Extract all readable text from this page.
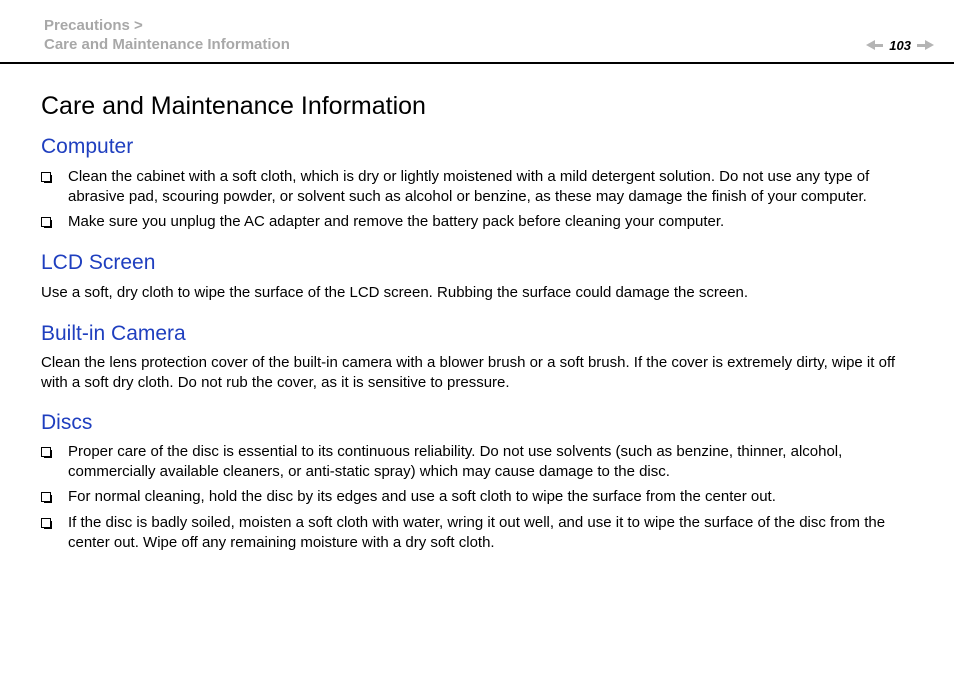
Precautions >
Care and Maintenance Information	103
Care and Maintenance Information
Computer
Clean the cabinet with a soft cloth, which is dry or lightly moistened with a mild detergent solution. Do not use any type of abrasive pad, scouring powder, or solvent such as alcohol or benzine, as these may damage the finish of your computer.
Make sure you unplug the AC adapter and remove the battery pack before cleaning your computer.
LCD Screen

Use a soft, dry cloth to wipe the surface of the LCD screen. Rubbing the surface could damage the screen.

Built-in Camera

Clean the lens protection cover of the built-in camera with a blower brush or a soft brush. If the cover is extremely dirty, wipe it off with a soft dry cloth. Do not rub the cover, as it is sensitive to pressure.

Discs
Proper care of the disc is essential to its continuous reliability. Do not use solvents (such as benzine, thinner, alcohol, commercially available cleaners, or anti-static spray) which may cause damage to the disc.
For normal cleaning, hold the disc by its edges and use a soft cloth to wipe the surface from the center out.
If the disc is badly soiled, moisten a soft cloth with water, wring it out well, and use it to wipe the surface of the disc from the center out. Wipe off any remaining moisture with a dry soft cloth.
